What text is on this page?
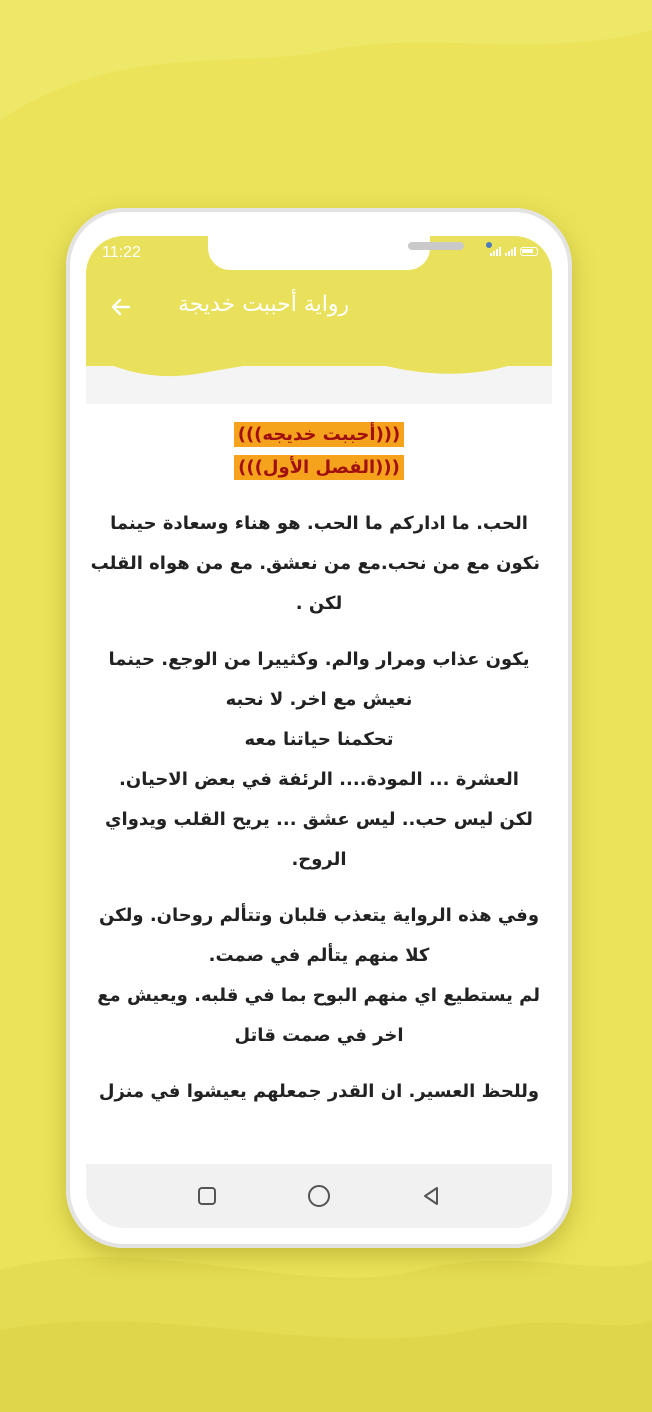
11:22
رواية أحببت خديجة
(((أحببت خديجه)))
(((الفصل الأول)))
الحب. ما اداركم ما الحب. هو هناء وسعادة حينما
نكون مع من نحب.مع من نعشق. مع من هواه القلب
لكن .
يكون عذاب ومرار والم. وكثييرا من الوجع. حينما
نعيش مع اخر. لا نحبه
تحكمنا حياتنا معه
العشرة ... المودة.... الرئفة في بعض الاحيان.
لكن ليس حب.. ليس عشق ... يريح القلب ويدواي
الروح.
وفي هذه الرواية يتعذب قلبان وتتألم روحان. ولكن
كلا منهم يتألم في صمت.
لم يستطيع اي منهم البوح بما في قلبه. ويعيش مع
اخر في صمت قاتل
وللحظ العسير. ان القدر جمعلهم يعيشوا في منزل
